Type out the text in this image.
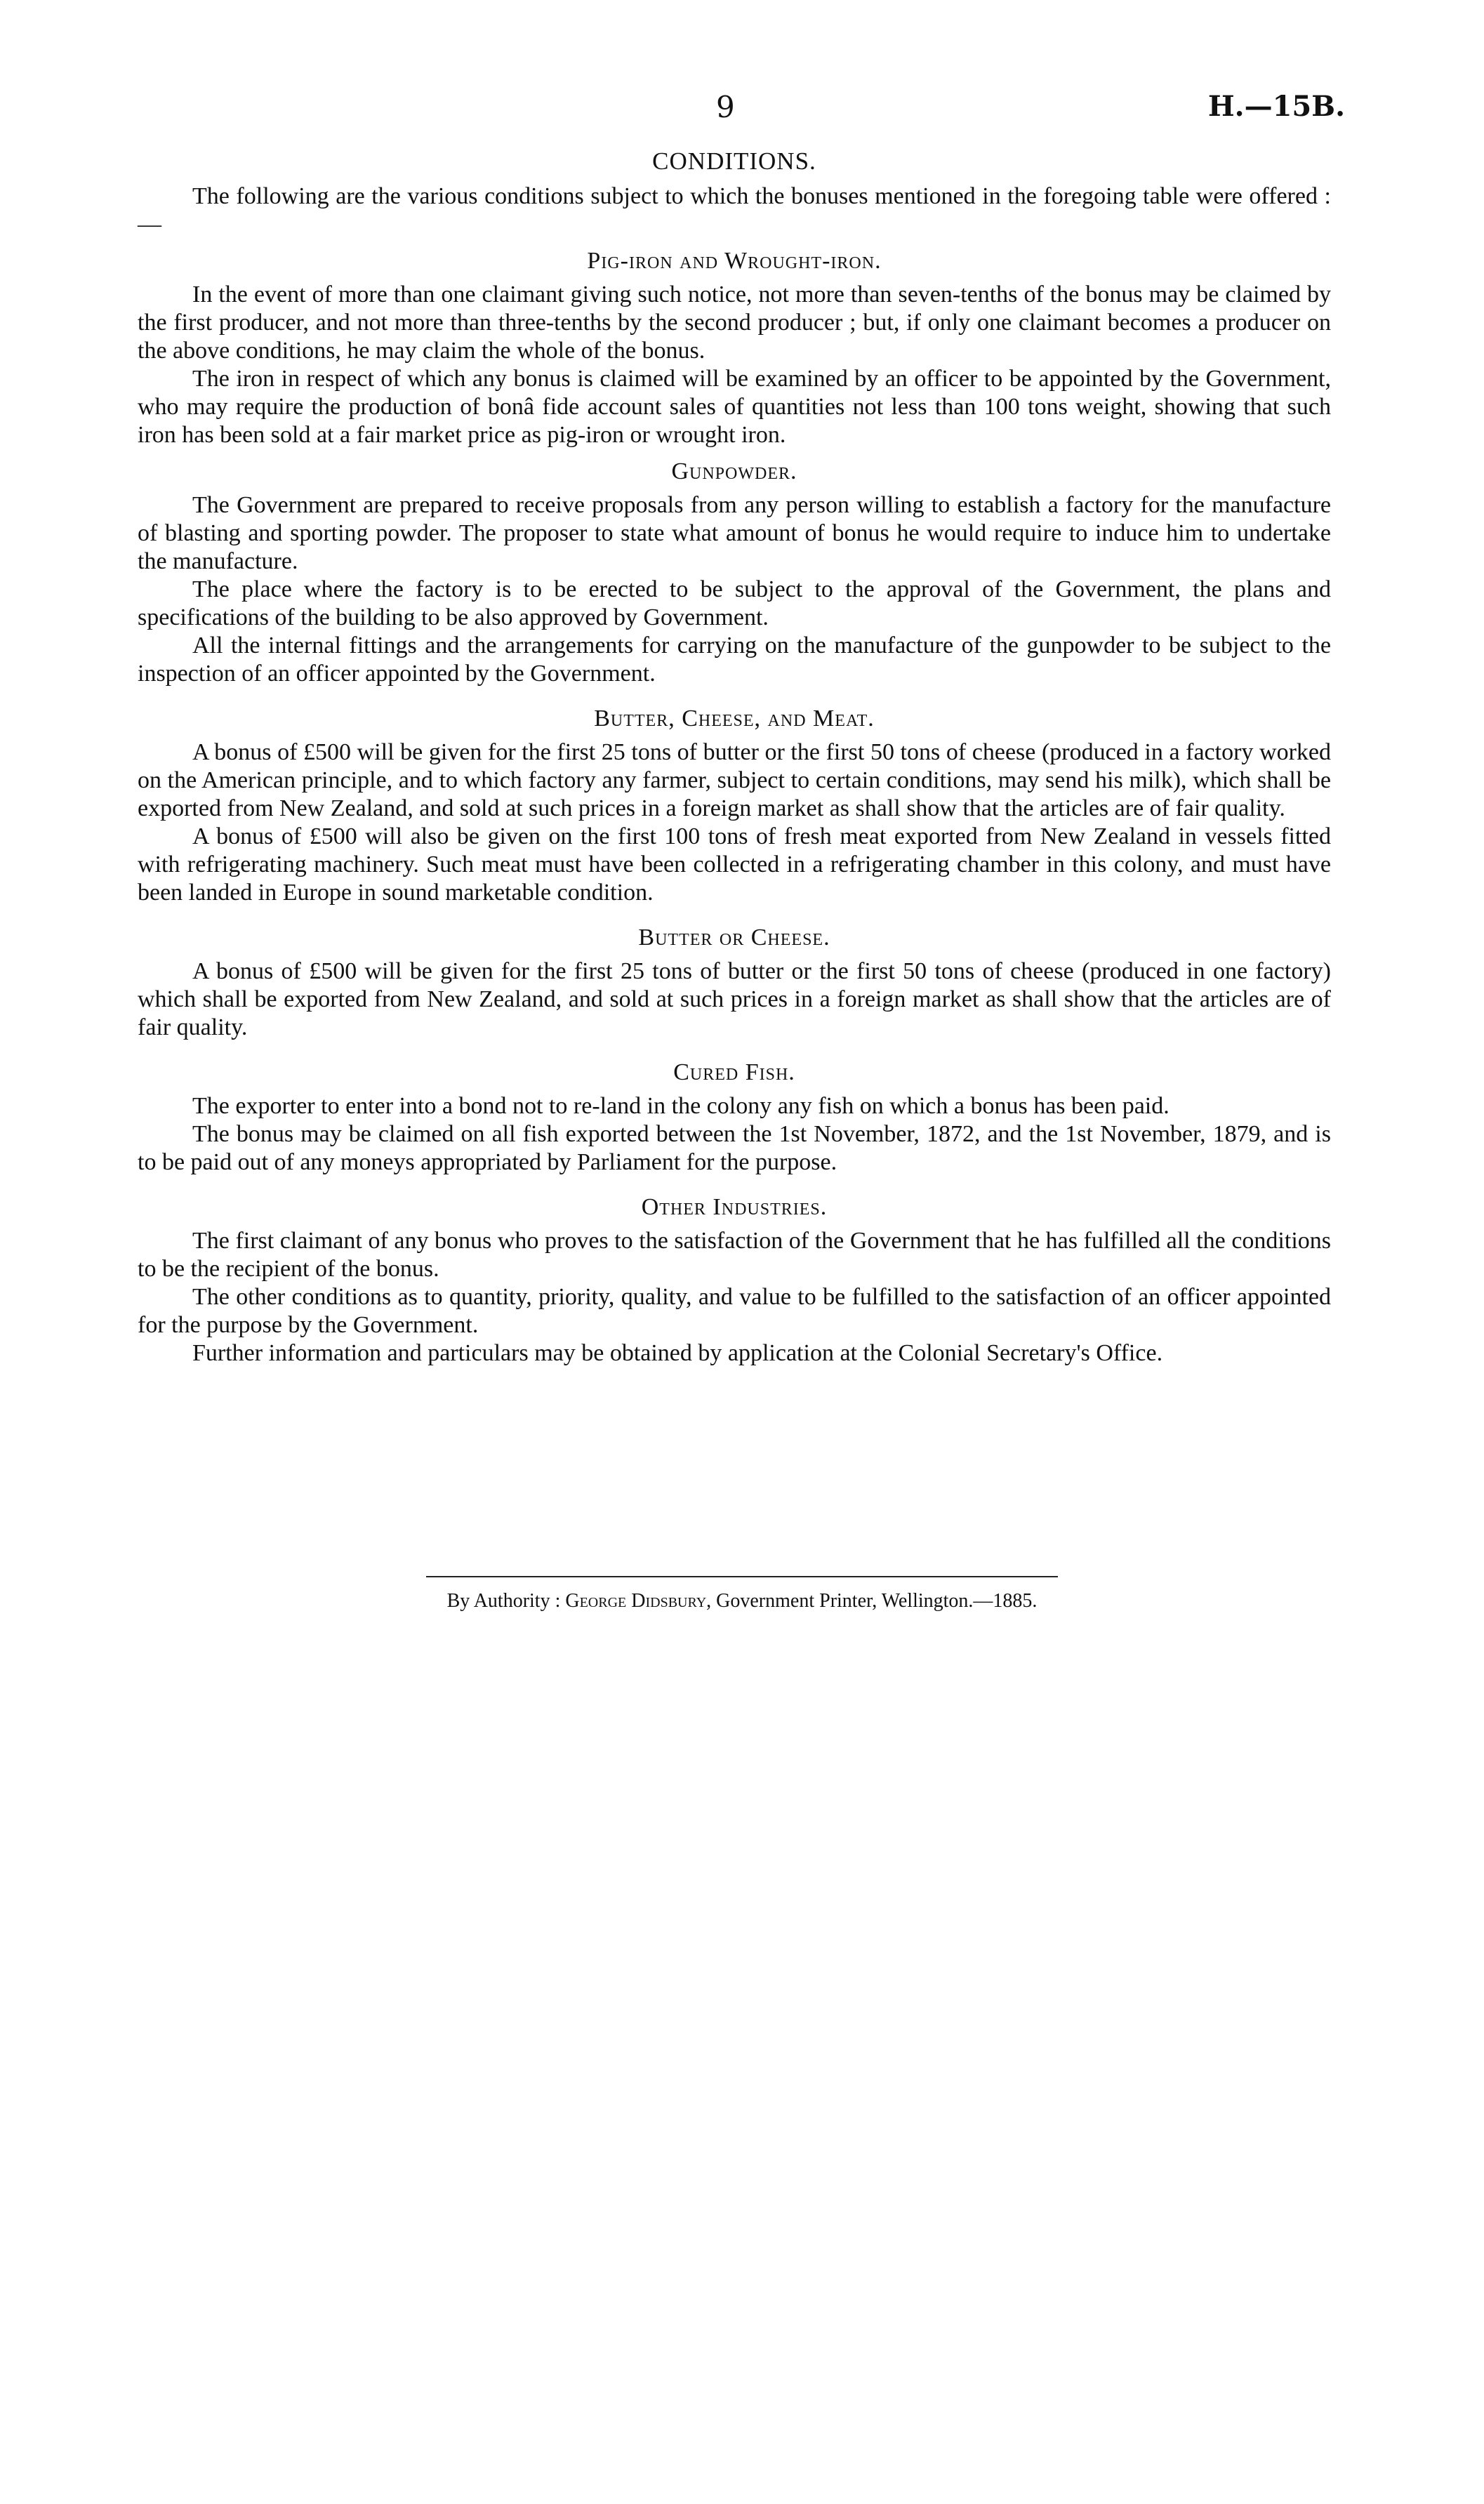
9	H.—15B.
CONDITIONS.

The following are the various conditions subject to which the bonuses mentioned in the foregoing table were offered :—

Pig-iron and Wrought-iron.

In the event of more than one claimant giving such notice, not more than seven-tenths of the bonus may be claimed by the first producer, and not more than three-tenths by the second producer ; but, if only one claimant becomes a producer on the above conditions, he may claim the whole of the bonus.

The iron in respect of which any bonus is claimed will be examined by an officer to be appointed by the Government, who may require the production of bonâ fide account sales of quantities not less than 100 tons weight, showing that such iron has been sold at a fair market price as pig-iron or wrought iron.

Gunpowder.

The Government are prepared to receive proposals from any person willing to establish a factory for the manufacture of blasting and sporting powder. The proposer to state what amount of bonus he would require to induce him to undertake the manufacture.

The place where the factory is to be erected to be subject to the approval of the Government, the plans and specifications of the building to be also approved by Government.

All the internal fittings and the arrangements for carrying on the manufacture of the gunpowder to be subject to the inspection of an officer appointed by the Government.

Butter, Cheese, and Meat.

A bonus of £500 will be given for the first 25 tons of butter or the first 50 tons of cheese (produced in a factory worked on the American principle, and to which factory any farmer, subject to certain conditions, may send his milk), which shall be exported from New Zealand, and sold at such prices in a foreign market as shall show that the articles are of fair quality.

A bonus of £500 will also be given on the first 100 tons of fresh meat exported from New Zealand in vessels fitted with refrigerating machinery. Such meat must have been collected in a refrigerating chamber in this colony, and must have been landed in Europe in sound marketable condition.

Butter or Cheese.

A bonus of £500 will be given for the first 25 tons of butter or the first 50 tons of cheese (produced in one factory) which shall be exported from New Zealand, and sold at such prices in a foreign market as shall show that the articles are of fair quality.

Cured Fish.

The exporter to enter into a bond not to re-land in the colony any fish on which a bonus has been paid.

The bonus may be claimed on all fish exported between the 1st November, 1872, and the 1st November, 1879, and is to be paid out of any moneys appropriated by Parliament for the purpose.

Other Industries.

The first claimant of any bonus who proves to the satisfaction of the Government that he has fulfilled all the conditions to be the recipient of the bonus.

The other conditions as to quantity, priority, quality, and value to be fulfilled to the satisfaction of an officer appointed for the purpose by the Government.

Further information and particulars may be obtained by application at the Colonial Secretary's Office.

By Authority : George Didsbury, Government Printer, Wellington.—1885.
